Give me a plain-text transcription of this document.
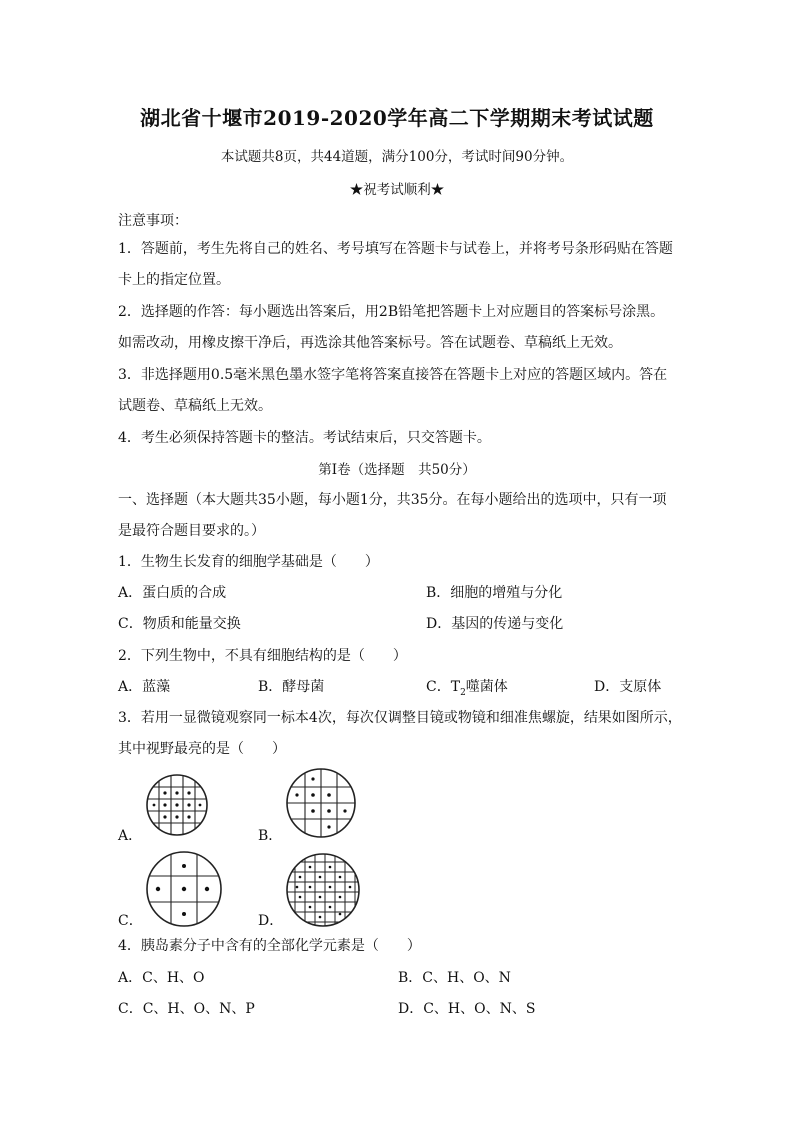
湖北省十堰市2019-2020学年高二下学期期末考试试题
本试题共8页，共44道题，满分100分，考试时间90分钟。
★祝考试顺利★
注意事项：
1．答题前，考生先将自己的姓名、考号填写在答题卡与试卷上，并将考号条形码贴在答题
卡上的指定位置。
2．选择题的作答：每小题选出答案后，用2B铅笔把答题卡上对应题目的答案标号涂黑。
如需改动，用橡皮擦干净后，再选涂其他答案标号。答在试题卷、草稿纸上无效。
3．非选择题用0.5毫米黑色墨水签字笔将答案直接答在答题卡上对应的答题区域内。答在
试题卷、草稿纸上无效。
4．考生必须保持答题卡的整洁。考试结束后，只交答题卡。
第Ⅰ卷（选择题　共50分）
一、选择题（本大题共35小题，每小题1分，共35分。在每小题给出的选项中，只有一项
是最符合题目要求的。）
1．生物生长发育的细胞学基础是（　　）
A．蛋白质的合成	B．细胞的增殖与分化
C．物质和能量交换	D．基因的传递与变化
2．下列生物中，不具有细胞结构的是（　　）
A．蓝藻	B．酵母菌	C．$T_2$噬菌体	D．支原体
3．若用一显微镜观察同一标本4次，每次仅调整目镜或物镜和细准焦螺旋，结果如图所示，
其中视野最亮的是（　　）
A．	B．
C．	D．
4．胰岛素分子中含有的全部化学元素是（　　）
A．C、H、O	B．C、H、O、N
C．C、H、O、N、P	D．C、H、O、N、S
